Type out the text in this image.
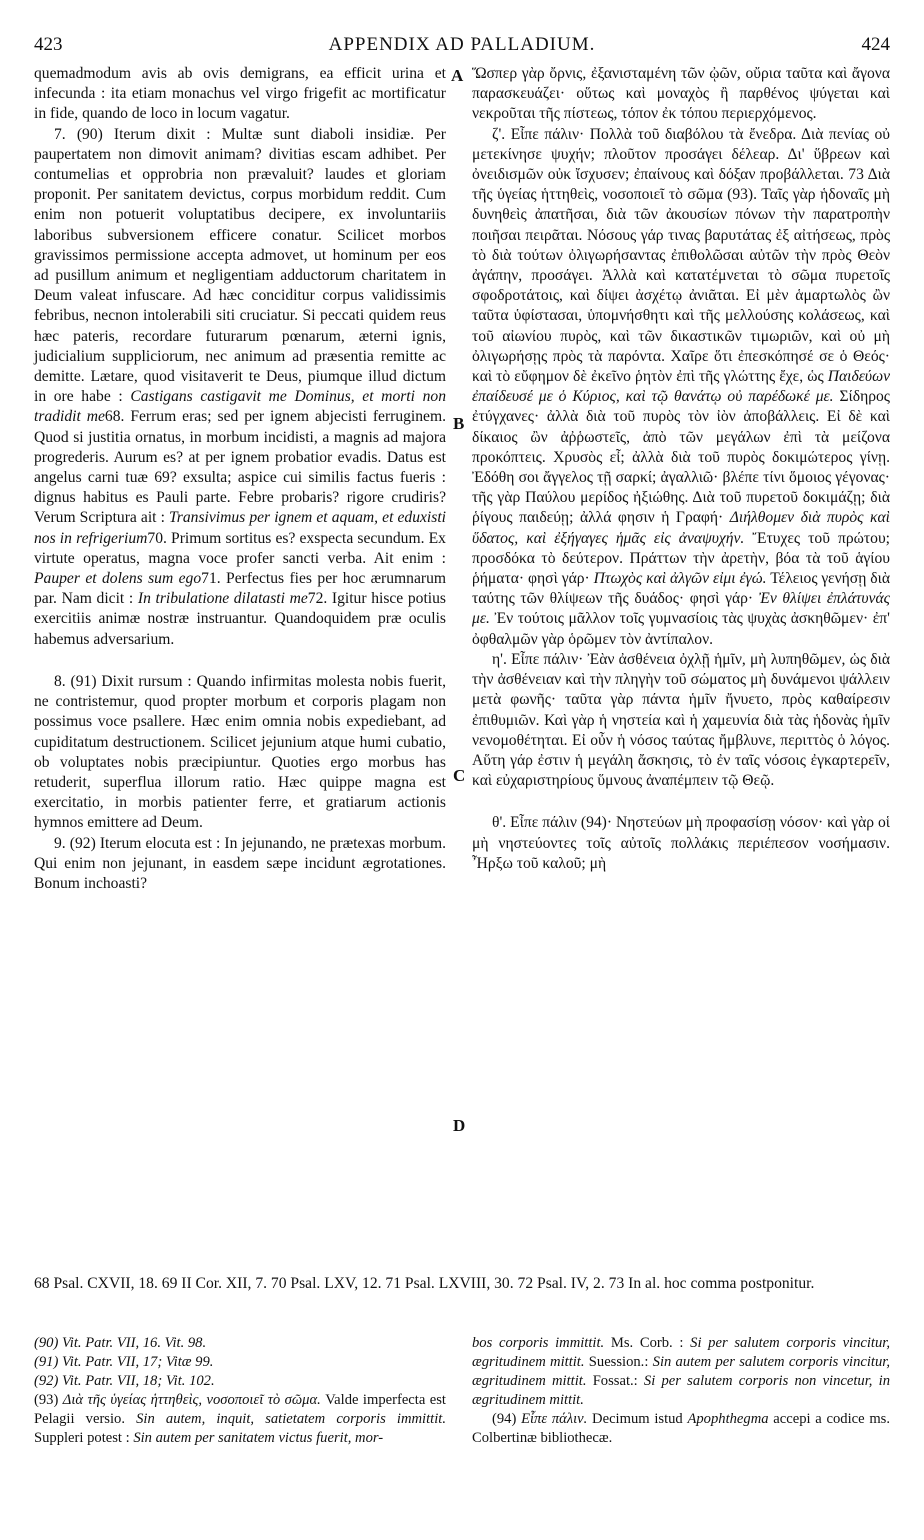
423	APPENDIX AD PALLADIUM.	424
A
B
C
D

quemadmodum avis ab ovis demigrans, ea efficit urina et infecunda : ita etiam monachus vel virgo frigefit ac mortificatur in fide, quando de loco in locum vagatur.

7. (90) Iterum dixit : Multæ sunt diaboli insidiæ. Per paupertatem non dimovit animam? divitias escam adhibet. Per contumelias et opprobria non prævaluit? laudes et gloriam proponit. Per sanitatem devictus, corpus morbidum reddit. Cum enim non potuerit voluptatibus decipere, ex involuntariis laboribus subversionem efficere conatur. Scilicet morbos gravissimos permissione accepta admovet, ut hominum per eos ad pusillum animum et negligentiam adductorum charitatem in Deum valeat infuscare. Ad hæc conciditur corpus validissimis febribus, necnon intolerabili siti cruciatur. Si peccati quidem reus hæc pateris, recordare futurarum pœnarum, æterni ignis, judicialium suppliciorum, nec animum ad præsentia remitte ac demitte. Lætare, quod visitaverit te Deus, piumque illud dictum in ore habe : Castigans castigavit me Dominus, et morti non tradidit me68. Ferrum eras; sed per ignem abjecisti ferruginem. Quod si justitia ornatus, in morbum incidisti, a magnis ad majora progrederis. Aurum es? at per ignem probatior evadis. Datus est angelus carni tuæ 69? exsulta; aspice cui similis factus fueris : dignus habitus es Pauli parte. Febre probaris? rigore crudiris? Verum Scriptura ait : Transivimus per ignem et aquam, et eduxisti nos in refrigerium70. Primum sortitus es? exspecta secundum. Ex virtute operatus, magna voce profer sancti verba. Ait enim : Pauper et dolens sum ego71. Perfectus fies per hoc ærumnarum par. Nam dicit : In tribulatione dilatasti me72. Igitur hisce potius exercitiis animæ nostræ instruantur. Quandoquidem præ oculis habemus adversarium.

8. (91) Dixit rursum : Quando infirmitas molesta nobis fuerit, ne contristemur, quod propter morbum et corporis plagam non possimus voce psallere. Hæc enim omnia nobis expediebant, ad cupiditatum destructionem. Scilicet jejunium atque humi cubatio, ob voluptates nobis præcipiuntur. Quoties ergo morbus has retuderit, superflua illorum ratio. Hæc quippe magna est exercitatio, in morbis patienter ferre, et gratiarum actionis hymnos emittere ad Deum.

9. (92) Iterum elocuta est : In jejunando, ne prætexas morbum. Qui enim non jejunant, in easdem sæpe incidunt ægrotationes. Bonum inchoasti?

Ὥσπερ γὰρ ὄρνις, ἐξανισταμένη τῶν ᾠῶν, οὔρια ταῦτα καὶ ἄγονα παρασκευάζει· οὕτως καὶ μοναχὸς ἢ παρθένος ψύγεται καὶ νεκροῦται τῆς πίστεως, τόπον ἐκ τόπου περιερχόμενος.

ζ'. Εἶπε πάλιν· Πολλὰ τοῦ διαβόλου τὰ ἔνεδρα. Διὰ πενίας οὐ μετεκίνησε ψυχήν; πλοῦτον προσάγει δέλεαρ. Δι' ὕβρεων καὶ ὀνειδισμῶν οὐκ ἴσχυσεν; ἐπαίνους καὶ δόξαν προβάλλεται. 73 Διὰ τῆς ὑγείας ἡττηθεὶς, νοσοποιεῖ τὸ σῶμα (93). Ταῖς γὰρ ἡδοναῖς μὴ δυνηθεὶς ἀπατῆσαι, διὰ τῶν ἀκουσίων πόνων τὴν παρατροπὴν ποιῆσαι πειρᾶται. Νόσους γάρ τινας βαρυτάτας ἐξ αἰτήσεως, πρὸς τὸ διὰ τούτων ὀλιγωρήσαντας ἐπιθολῶσαι αὐτῶν τὴν πρὸς Θεὸν ἀγάπην, προσάγει. Ἀλλὰ καὶ κατατέμνεται τὸ σῶμα πυρετοῖς σφοδροτάτοις, καὶ δίψει ἀσχέτῳ ἀνιᾶται. Εἰ μὲν ἁμαρτωλὸς ὢν ταῦτα ὑφίστασαι, ὑπομνήσθητι καὶ τῆς μελλούσης κολάσεως, καὶ τοῦ αἰωνίου πυρὸς, καὶ τῶν δικαστικῶν τιμωριῶν, καὶ οὐ μὴ ὀλιγωρήσῃς πρὸς τὰ παρόντα. Χαῖρε ὅτι ἐπεσκόπησέ σε ὁ Θεός· καὶ τὸ εὔφημον δὲ ἐκεῖνο ῥητὸν ἐπὶ τῆς γλώττης ἔχε, ὡς Παιδεύων ἐπαίδευσέ με ὁ Κύριος, καὶ τῷ θανάτῳ οὐ παρέδωκέ με. Σίδηρος ἐτύγχανες· ἀλλὰ διὰ τοῦ πυρὸς τὸν ἰὸν ἀποβάλλεις. Εἰ δὲ καὶ δίκαιος ὢν ἀῤῥωστεῖς, ἀπὸ τῶν μεγάλων ἐπὶ τὰ μείζονα προκόπτεις. Χρυσὸς εἶ; ἀλλὰ διὰ τοῦ πυρὸς δοκιμώτερος γίνῃ. Ἐδόθη σοι ἄγγελος τῇ σαρκί; ἀγαλλιῶ· βλέπε τίνι ὅμοιος γέγονας· τῆς γὰρ Παύλου μερίδος ἠξιώθης. Διὰ τοῦ πυρετοῦ δοκιμάζῃ; διὰ ῥίγους παιδεύῃ; ἀλλά φησιν ἡ Γραφή· Διήλθομεν διὰ πυρὸς καὶ ὕδατος, καὶ ἐξήγαγες ἡμᾶς εἰς ἀναψυχήν. Ἔτυχες τοῦ πρώτου; προσδόκα τὸ δεύτερον. Πράττων τὴν ἀρετὴν, βόα τὰ τοῦ ἁγίου ῥήματα· φησὶ γάρ· Πτωχὸς καὶ ἀλγῶν εἰμι ἐγώ. Τέλειος γενήσῃ διὰ ταύτης τῶν θλίψεων τῆς δυάδος· φησὶ γάρ· Ἐν θλίψει ἐπλάτυνάς με. Ἐν τούτοις μᾶλλον τοῖς γυμνασίοις τὰς ψυχὰς ἀσκηθῶμεν· ἐπ' ὀφθαλμῶν γὰρ ὁρῶμεν τὸν ἀντίπαλον.

η'. Εἶπε πάλιν· Ἐὰν ἀσθένεια ὀχλῇ ἡμῖν, μὴ λυπηθῶμεν, ὡς διὰ τὴν ἀσθένειαν καὶ τὴν πληγὴν τοῦ σώματος μὴ δυνάμενοι ψάλλειν μετὰ φωνῆς· ταῦτα γὰρ πάντα ἡμῖν ἤνυετο, πρὸς καθαίρεσιν ἐπιθυμιῶν. Καὶ γὰρ ἡ νηστεία καὶ ἡ χαμευνία διὰ τὰς ἡδονὰς ἡμῖν νενομοθέτηται. Εἰ οὖν ἡ νόσος ταύτας ἤμβλυνε, περιττὸς ὁ λόγος. Αὕτη γάρ ἐστιν ἡ μεγάλη ἄσκησις, τὸ ἐν ταῖς νόσοις ἐγκαρτερεῖν, καὶ εὐχαριστηρίους ὕμνους ἀναπέμπειν τῷ Θεῷ.

θ'. Εἶπε πάλιν (94)· Νηστεύων μὴ προφασίσῃ νόσον· καὶ γὰρ οἱ μὴ νηστεύοντες τοῖς αὐτοῖς πολλάκις περιέπεσον νοσήμασιν. Ἦρξω τοῦ καλοῦ; μὴ

68 Psal. CXVII, 18. 69 II Cor. XII, 7. 70 Psal. LXV, 12. 71 Psal. LXVIII, 30. 72 Psal. IV, 2. 73 In al. hoc comma postponitur.
(90) Vit. Patr. VII, 16. Vit. 98.
(91) Vit. Patr. VII, 17; Vitæ 99.
(92) Vit. Patr. VII, 18; Vit. 102.
(93) Διὰ τῆς ὑγείας ἡττηθεὶς, νοσοποιεῖ τὸ σῶμα. Valde imperfecta est Pelagii versio. Sin autem, inquit, satietatem corporis immittit. Suppleri potest : Sin autem per sanitatem victus fuerit, mor-
bos corporis immittit. Ms. Corb. : Si per salutem corporis vincitur, ægritudinem mittit. Suession.: Sin autem per salutem corporis vincitur, ægritudinem mittit. Fossat.: Si per salutem corporis non vincetur, in ægritudinem mittit.
(94) Εἶπε πάλιν. Decimum istud Apophthegma accepi a codice ms. Colbertinæ bibliothecæ.
